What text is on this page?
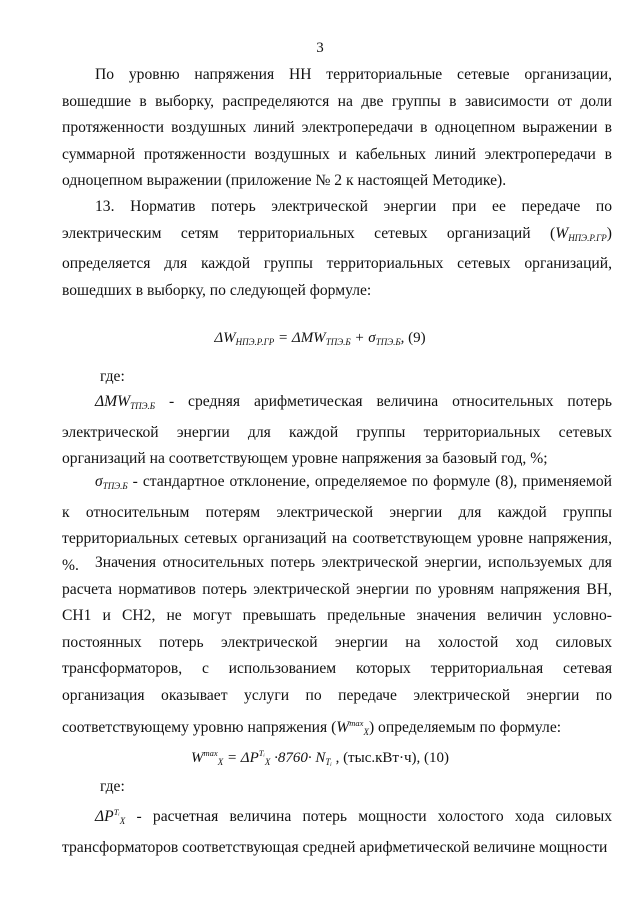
3

По уровню напряжения НН территориальные сетевые организации, вошедшие в выборку, распределяются на две группы в зависимости от доли протяженности воздушных линий электропередачи в одноцепном выражении в суммарной протяженности воздушных и кабельных линий электропередачи в одноцепном выражении (приложение № 2 к настоящей Методике).

13. Норматив потерь электрической энергии при ее передаче по электрическим сетям территориальных сетевых организаций $(W_{НПЭ.Р.ГР})$ определяется для каждой группы территориальных сетевых организаций, вошедших в выборку, по следующей формуле:

$\Delta W_{НПЭ.Р.ГР} = \Delta MW_{ТПЭ.Б} + \sigma_{ТПЭ.Б}$, (9)
где:

$\Delta MW_{ТПЭ.Б}$ - средняя арифметическая величина относительных потерь электрической энергии для каждой группы территориальных сетевых организаций на соответствующем уровне напряжения за базовый год, %;

$\sigma_{ТПЭ.Б}$ - стандартное отклонение, определяемое по формуле (8), применяемой к относительным потерям электрической энергии для каждой группы территориальных сетевых организаций на соответствующем уровне напряжения, %.	Значения относительных потерь электрической энергии, используемых для расчета нормативов потерь электрической энергии по уровням напряжения ВН, СН1 и СН2, не могут превышать предельные значения величин условно-постоянных потерь электрической энергии на холостой ход силовых трансформаторов, с использованием которых территориальная сетевая организация оказывает услуги по передаче электрической энергии по соответствующему уровню напряжения $(W^{max}_X)$ определяемым по формуле:

$W^{max}_X = \Delta P^{Tᵢ}_X \cdot 8760\cdot N_{Tᵢ}$ , (тыс.кВт·ч), (10)
где:

$\Delta P^{Tᵢ}_X$ - расчетная величина потерь мощности холостого хода силовых трансформаторов соответствующая средней арифметической величине мощности
